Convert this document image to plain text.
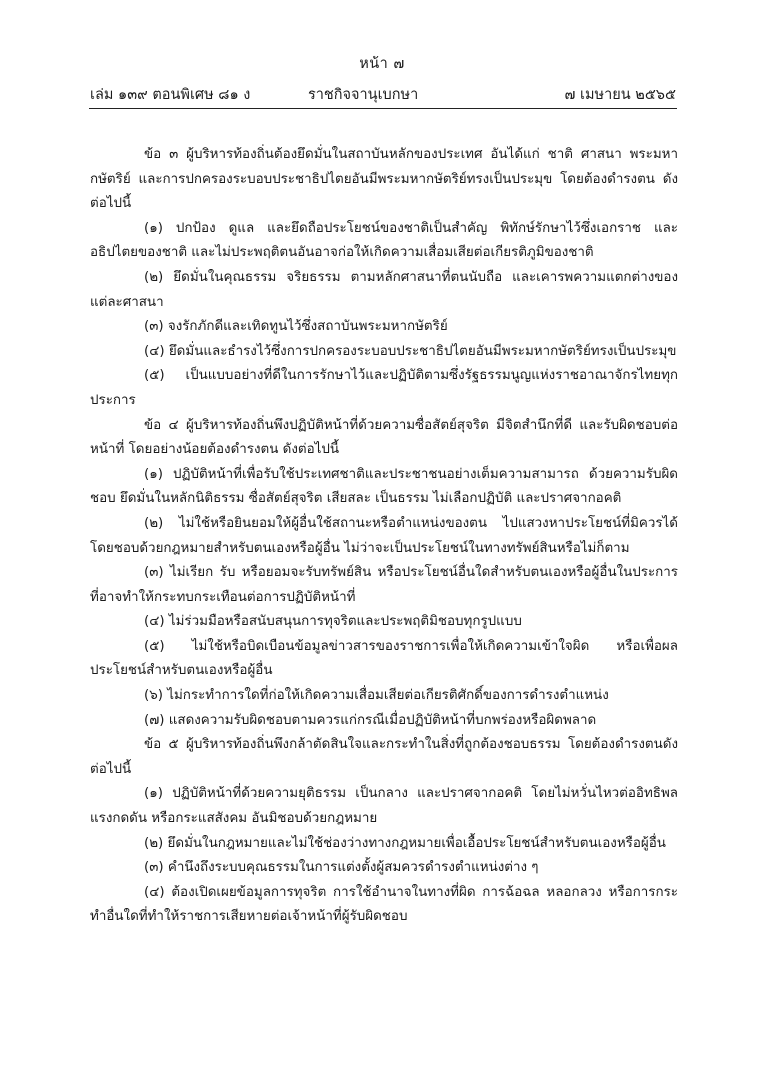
หน้า ๗
เล่ม ๑๓๙ ตอนพิเศษ ๘๑ ง	ราชกิจจานุเบกษา	๗ เมษายน ๒๕๖๕

ข้อ ๓ ผู้บริหารท้องถิ่นต้องยึดมั่นในสถาบันหลักของประเทศ อันได้แก่ ชาติ ศาสนา พระมหากษัตริย์ และการปกครองระบอบประชาธิปไตยอันมีพระมหากษัตริย์ทรงเป็นประมุข โดยต้องดำรงตน ดังต่อไปนี้

(๑) ปกป้อง ดูแล และยึดถือประโยชน์ของชาติเป็นสำคัญ พิทักษ์รักษาไว้ซึ่งเอกราช และอธิปไตยของชาติ และไม่ประพฤติตนอันอาจก่อให้เกิดความเสื่อมเสียต่อเกียรติภูมิของชาติ

(๒) ยึดมั่นในคุณธรรม จริยธรรม ตามหลักศาสนาที่ตนนับถือ และเคารพความแตกต่างของแต่ละศาสนา

(๓) จงรักภักดีและเทิดทูนไว้ซึ่งสถาบันพระมหากษัตริย์

(๔) ยึดมั่นและธำรงไว้ซึ่งการปกครองระบอบประชาธิปไตยอันมีพระมหากษัตริย์ทรงเป็นประมุข

(๕) เป็นแบบอย่างที่ดีในการรักษาไว้และปฏิบัติตามซึ่งรัฐธรรมนูญแห่งราชอาณาจักรไทยทุกประการ

ข้อ ๔ ผู้บริหารท้องถิ่นพึงปฏิบัติหน้าที่ด้วยความซื่อสัตย์สุจริต มีจิตสำนึกที่ดี และรับผิดชอบต่อหน้าที่ โดยอย่างน้อยต้องดำรงตน ดังต่อไปนี้

(๑) ปฏิบัติหน้าที่เพื่อรับใช้ประเทศชาติและประชาชนอย่างเต็มความสามารถ ด้วยความรับผิดชอบ ยึดมั่นในหลักนิติธรรม ซื่อสัตย์สุจริต เสียสละ เป็นธรรม ไม่เลือกปฏิบัติ และปราศจากอคติ

(๒) ไม่ใช้หรือยินยอมให้ผู้อื่นใช้สถานะหรือตำแหน่งของตน ไปแสวงหาประโยชน์ที่มิควรได้โดยชอบด้วยกฎหมายสำหรับตนเองหรือผู้อื่น ไม่ว่าจะเป็นประโยชน์ในทางทรัพย์สินหรือไม่ก็ตาม

(๓) ไม่เรียก รับ หรือยอมจะรับทรัพย์สิน หรือประโยชน์อื่นใดสำหรับตนเองหรือผู้อื่นในประการที่อาจทำให้กระทบกระเทือนต่อการปฏิบัติหน้าที่

(๔) ไม่ร่วมมือหรือสนับสนุนการทุจริตและประพฤติมิชอบทุกรูปแบบ

(๕) ไม่ใช้หรือบิดเบือนข้อมูลข่าวสารของราชการเพื่อให้เกิดความเข้าใจผิด หรือเพื่อผลประโยชน์สำหรับตนเองหรือผู้อื่น

(๖) ไม่กระทำการใดที่ก่อให้เกิดความเสื่อมเสียต่อเกียรติศักดิ์ของการดำรงตำแหน่ง

(๗) แสดงความรับผิดชอบตามควรแก่กรณีเมื่อปฏิบัติหน้าที่บกพร่องหรือผิดพลาด

ข้อ ๕ ผู้บริหารท้องถิ่นพึงกล้าตัดสินใจและกระทำในสิ่งที่ถูกต้องชอบธรรม โดยต้องดำรงตนดังต่อไปนี้

(๑) ปฏิบัติหน้าที่ด้วยความยุติธรรม เป็นกลาง และปราศจากอคติ โดยไม่หวั่นไหวต่ออิทธิพลแรงกดดัน หรือกระแสสังคม อันมิชอบด้วยกฎหมาย

(๒) ยึดมั่นในกฎหมายและไม่ใช้ช่องว่างทางกฎหมายเพื่อเอื้อประโยชน์สำหรับตนเองหรือผู้อื่น

(๓) คำนึงถึงระบบคุณธรรมในการแต่งตั้งผู้สมควรดำรงตำแหน่งต่าง ๆ

(๔) ต้องเปิดเผยข้อมูลการทุจริต การใช้อำนาจในทางที่ผิด การฉ้อฉล หลอกลวง หรือการกระทำอื่นใดที่ทำให้ราชการเสียหายต่อเจ้าหน้าที่ผู้รับผิดชอบ
